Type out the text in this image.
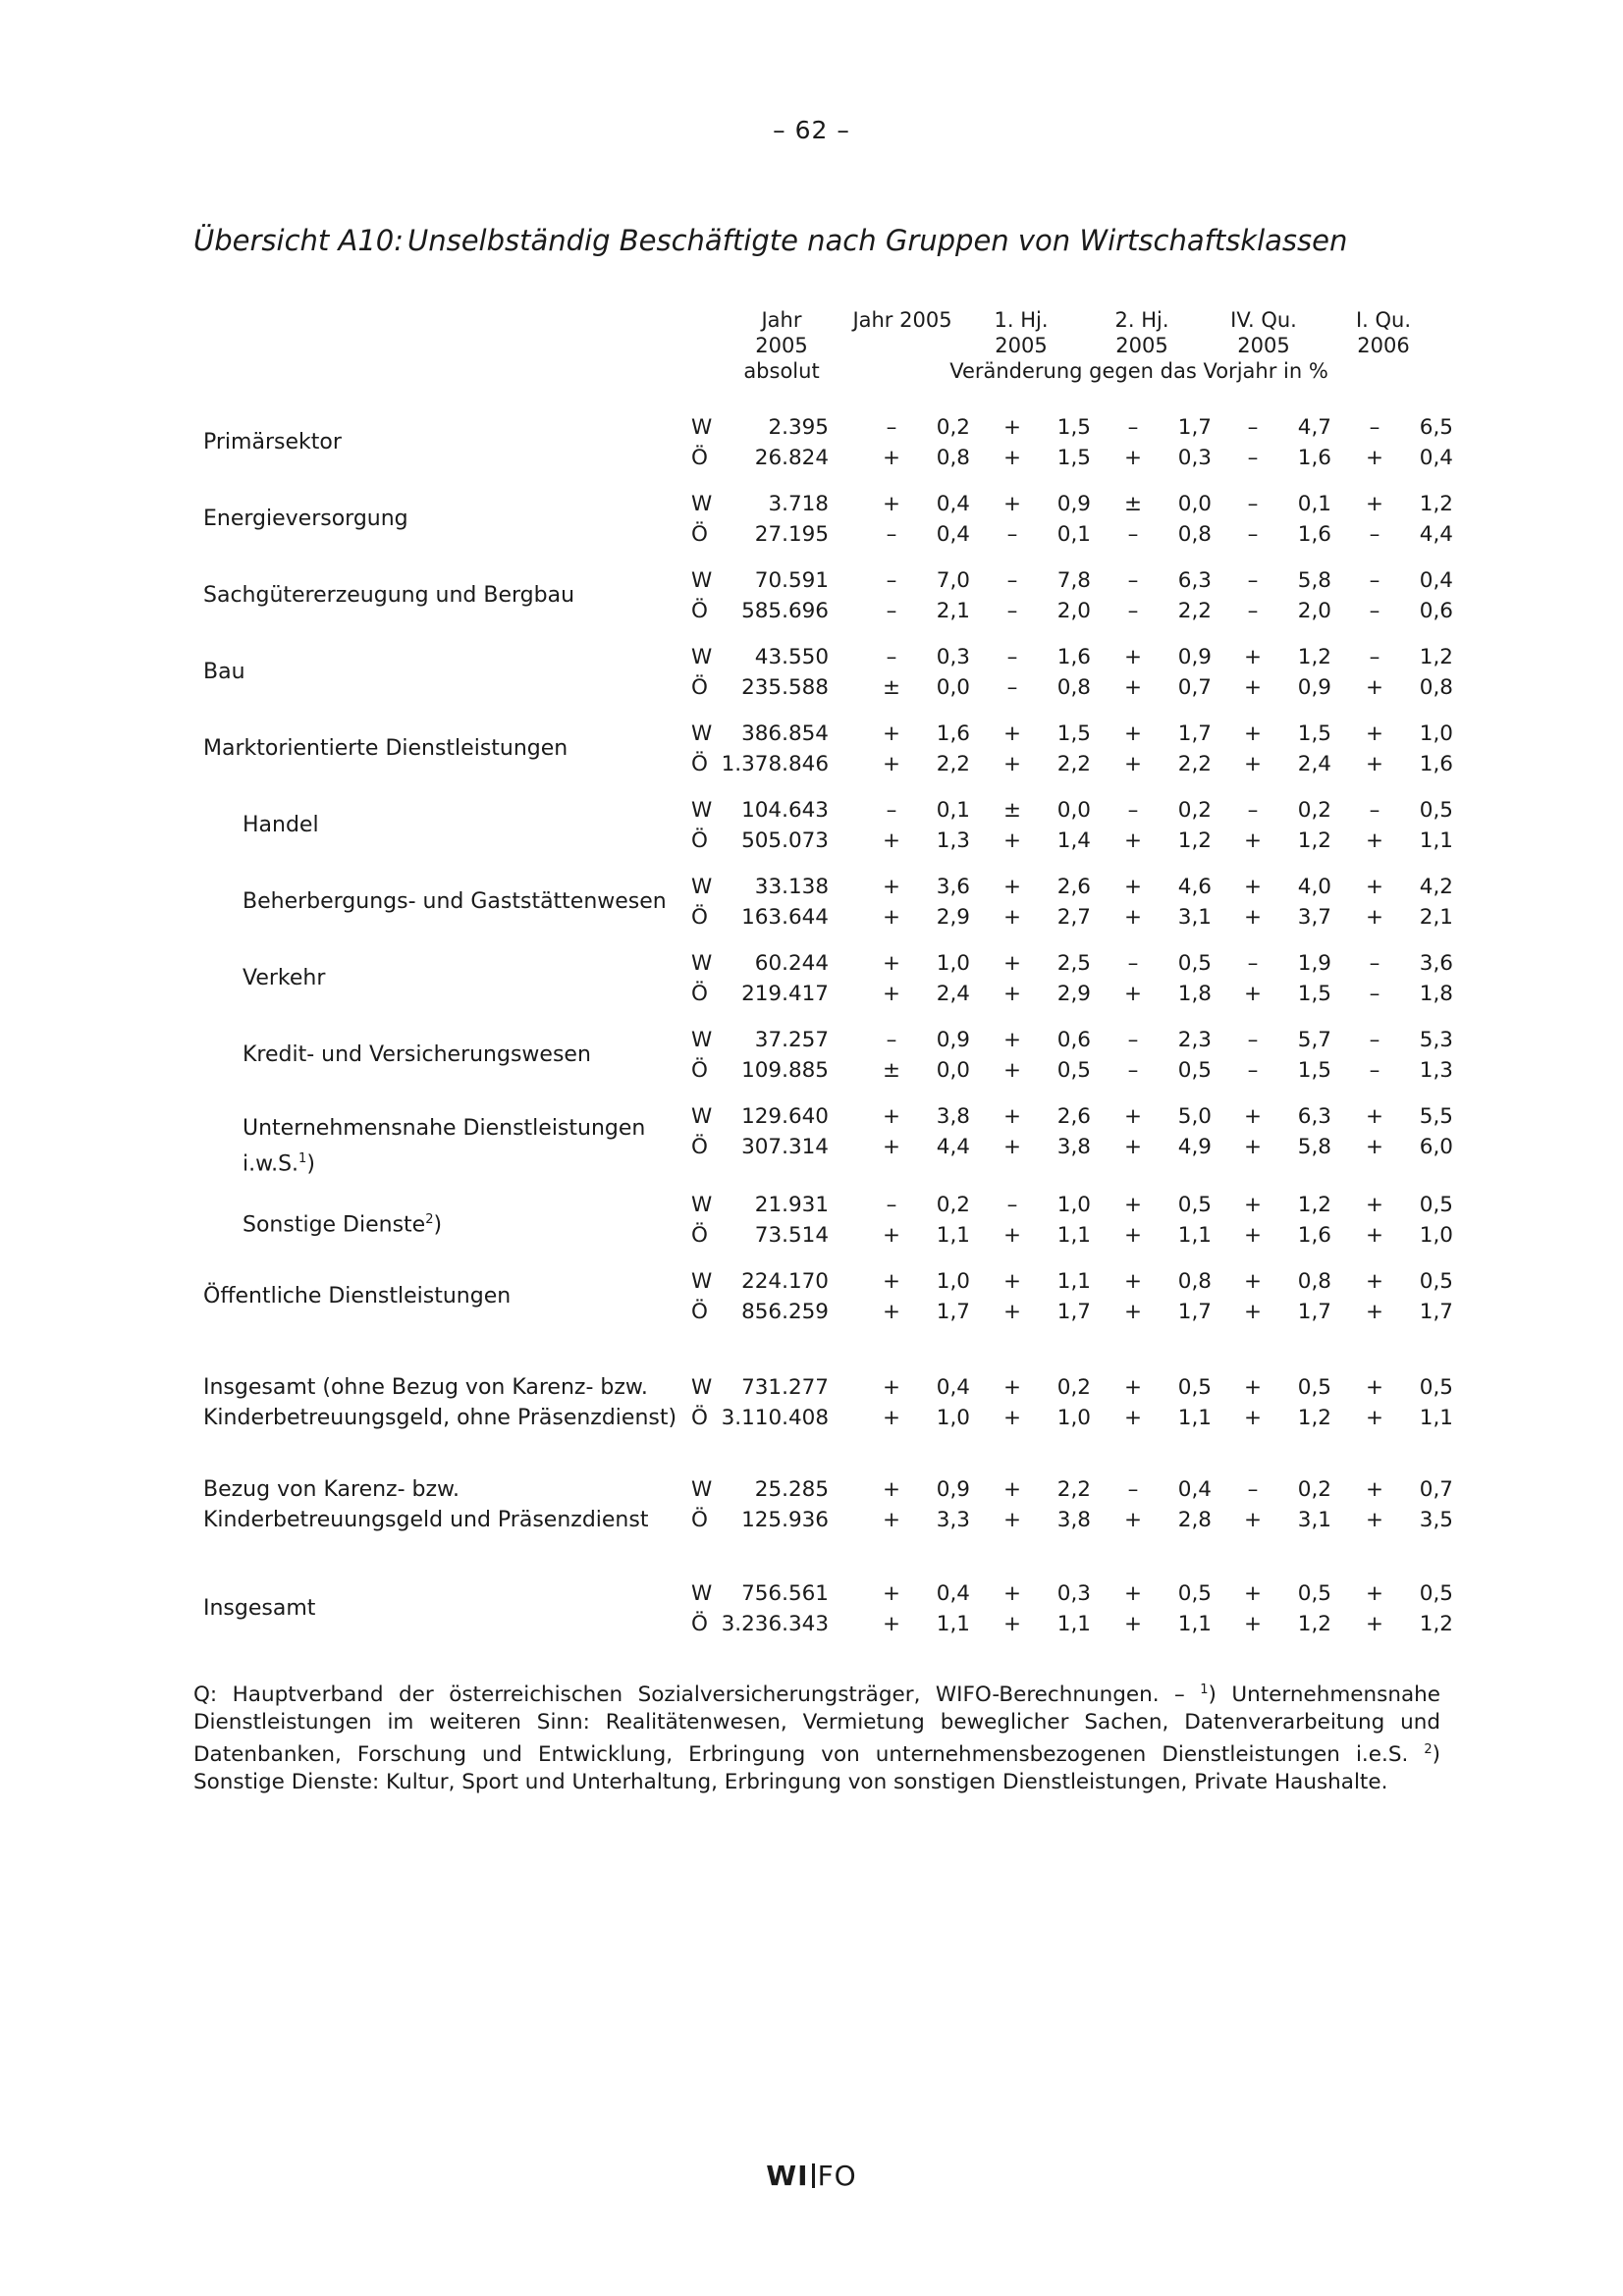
– 62 –
Übersicht A10: Unselbständig Beschäftigte nach Gruppen von Wirtschaftsklassen
Jahr
2005
Jahr 2005	1. Hj.
2005
2. Hj.
2005
IV. Qu.
2005
I. Qu.
2006
absolut	Veränderung gegen das Vorjahr in %
Primärsektor
W	2.395	– 0,2 + 1,5 – 1,7 – 4,7 – 6,5
Ö	26.824	+ 0,8 + 1,5 + 0,3 – 1,6 + 0,4
Energieversorgung
W	3.718	+ 0,4 + 0,9 ± 0,0 – 0,1 + 1,2
Ö	27.195	– 0,4 – 0,1 – 0,8 – 1,6 – 4,4
Sachgütererzeugung und Bergbau
W	70.591	– 7,0 – 7,8 – 6,3 – 5,8 – 0,4
Ö	585.696	– 2,1 – 2,0 – 2,2 – 2,0 – 0,6
Bau
W	43.550	– 0,3 – 1,6 + 0,9 + 1,2 – 1,2
Ö	235.588	± 0,0 – 0,8 + 0,7 + 0,9 + 0,8
Marktorientierte Dienstleistungen
W	386.854	+ 1,6 + 1,5 + 1,7 + 1,5 + 1,0
Ö 1.378.846	+ 2,2 + 2,2 + 2,2 + 2,4 + 1,6
Handel
W	104.643	– 0,1 ± 0,0 – 0,2 – 0,2 – 0,5
Ö	505.073	+ 1,3 + 1,4 + 1,2 + 1,2 + 1,1
Beherbergungs- und Gaststättenwesen
W	33.138	+ 3,6 + 2,6 + 4,6 + 4,0 + 4,2
Ö	163.644	+ 2,9 + 2,7 + 3,1 + 3,7 + 2,1
Verkehr
W	60.244	+ 1,0 + 2,5 – 0,5 – 1,9 – 3,6
Ö	219.417	+ 2,4 + 2,9 + 1,8 + 1,5 – 1,8
Kredit- und Versicherungswesen
W	37.257	– 0,9 + 0,6 – 2,3 – 5,7 – 5,3
Ö	109.885	± 0,0 + 0,5 – 0,5 – 1,5 – 1,3
Unternehmensnahe Dienstleistungen
i.w.S.$^1$)
W	129.640	+ 3,8 + 2,6 + 5,0 + 6,3 + 5,5
Ö	307.314	+ 4,4 + 3,8 + 4,9 + 5,8 + 6,0
Sonstige Dienste$^2$)
W	21.931	– 0,2 – 1,0 + 0,5 + 1,2 + 0,5
Ö	73.514	+ 1,1 + 1,1 + 1,1 + 1,6 + 1,0
Öffentliche Dienstleistungen
W	224.170	+ 1,0 + 1,1 + 0,8 + 0,8 + 0,5
Ö	856.259	+ 1,7 + 1,7 + 1,7 + 1,7 + 1,7
Insgesamt (ohne Bezug von Karenz- bzw.
Kinderbetreuungsgeld, ohne Präsenzdienst)
W	731.277	+ 0,4 + 0,2 + 0,5 + 0,5 + 0,5
Ö 3.110.408	+ 1,0 + 1,0 + 1,1 + 1,2 + 1,1
Bezug von Karenz- bzw.
Kinderbetreuungsgeld und Präsenzdienst
W	25.285	+ 0,9 + 2,2 – 0,4 – 0,2 + 0,7
Ö	125.936	+ 3,3 + 3,8 + 2,8 + 3,1 + 3,5
Insgesamt
W	756.561	+ 0,4 + 0,3 + 0,5 + 0,5 + 0,5
Ö 3.236.343	+ 1,1 + 1,1 + 1,1 + 1,2 + 1,2
Q: Hauptverband der österreichischen Sozialversicherungsträger, WIFO-Berechnungen. – $^1$) Unternehmensnahe Dienstleistungen im weiteren Sinn: Realitätenwesen, Vermietung beweglicher Sachen, Datenverarbeitung und Datenbanken, Forschung und Entwicklung, Erbringung von unternehmensbezogenen Dienstleistungen i.e.S. $^2$) Sonstige Dienste: Kultur, Sport und Unterhaltung, Erbringung von sonstigen Dienstleistungen, Private Haushalte.
WI FO
